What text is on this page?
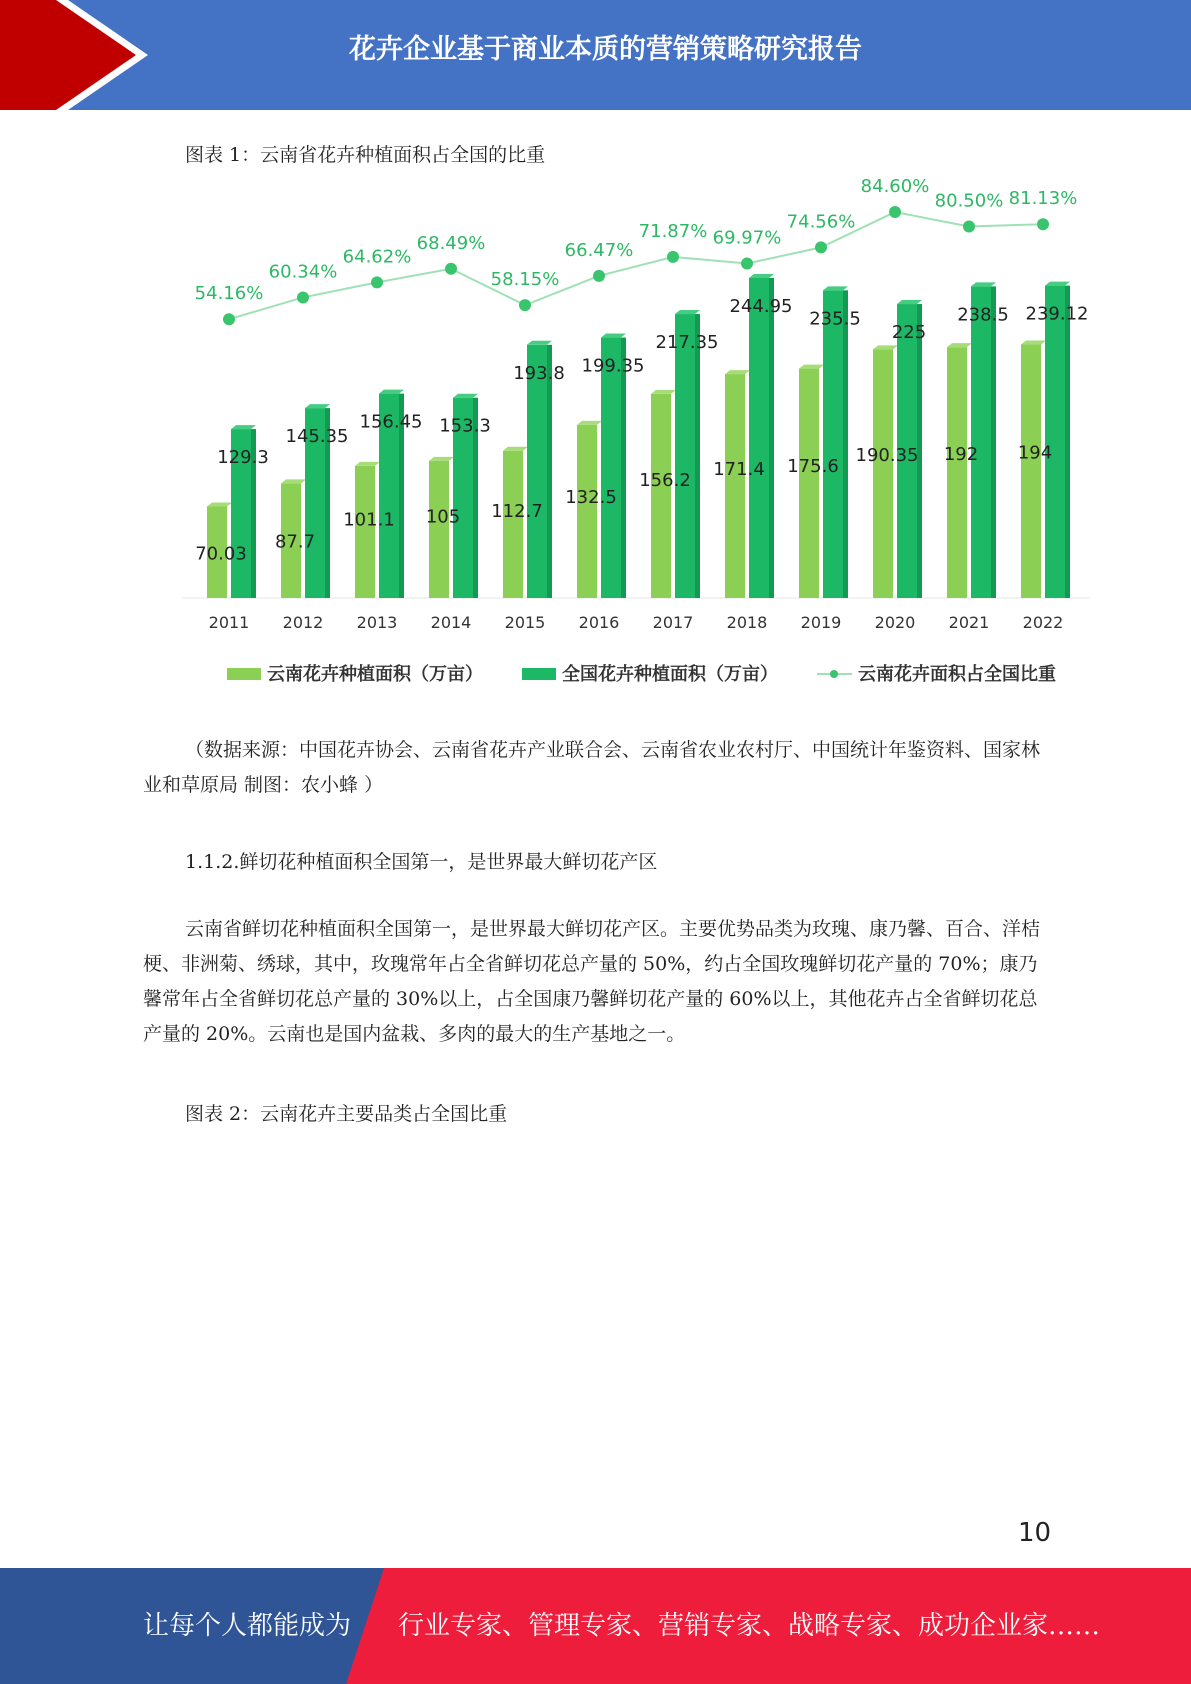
花卉企业基于商业本质的营销策略研究报告
图表 1：云南省花卉种植面积占全国的比重
70.03
129.3
2011
87.7
145.35
2012
101.1
156.45
2013
105
153.3
2014
112.7
193.8
2015
132.5
199.35
2016
156.2
217.35
2017
171.4
244.95
2018
175.6
235.5
2019
190.35
225
2020
192
238.5
2021
194
239.12
2022
54.16%
60.34%
64.62%
68.49%
58.15%
66.47%
71.87% 69.97%
74.56%
84.60%
80.50% 81.13%
云南花卉种植面积（万亩）	全国花卉种植面积（万亩）	云南花卉面积占全国比重
（数据来源：中国花卉协会、云南省花卉产业联合会、云南省农业农村厅、中国统计年鉴资料、国家林业和草原局 制图：农小蜂 ）
1.1.2.鲜切花种植面积全国第一，是世界最大鲜切花产区
云南省鲜切花种植面积全国第一，是世界最大鲜切花产区。主要优势品类为玫瑰、康乃馨、百合、洋桔梗、非洲菊、绣球，其中，玫瑰常年占全省鲜切花总产量的 50%，约占全国玫瑰鲜切花产量的 70%；康乃馨常年占全省鲜切花总产量的 30%以上，占全国康乃馨鲜切花产量的 60%以上，其他花卉占全省鲜切花总产量的 20%。云南也是国内盆栽、多肉的最大的生产基地之一。
图表 2：云南花卉主要品类占全国比重
10
让每个人都能成为 行业专家、管理专家、营销专家、战略专家、成功企业家……
